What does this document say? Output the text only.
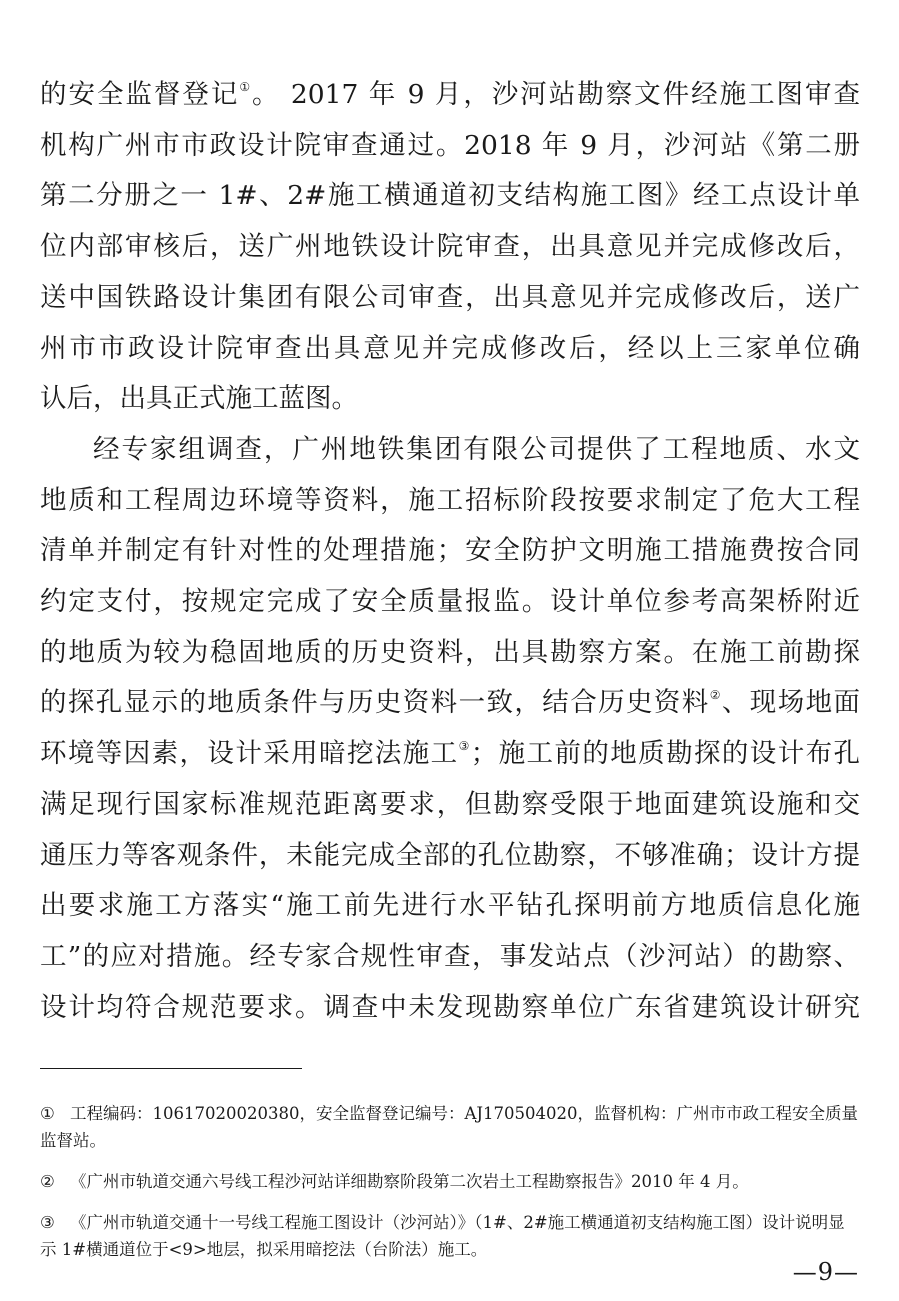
的安全监督登记①。 2017 年 9 月，沙河站勘察文件经施工图审查
机构广州市市政设计院审查通过。2018 年 9 月，沙河站《第二册
第二分册之一 1#、2#施工横通道初支结构施工图》经工点设计单
位内部审核后，送广州地铁设计院审查，出具意见并完成修改后，
送中国铁路设计集团有限公司审查，出具意见并完成修改后，送广
州市市政设计院审查出具意见并完成修改后，经以上三家单位确
认后，出具正式施工蓝图。

经专家组调查，广州地铁集团有限公司提供了工程地质、水文
地质和工程周边环境等资料，施工招标阶段按要求制定了危大工程
清单并制定有针对性的处理措施；安全防护文明施工措施费按合同
约定支付，按规定完成了安全质量报监。设计单位参考高架桥附近
的地质为较为稳固地质的历史资料，出具勘察方案。在施工前勘探
的探孔显示的地质条件与历史资料一致，结合历史资料②、现场地面
环境等因素，设计采用暗挖法施工③；施工前的地质勘探的设计布孔
满足现行国家标准规范距离要求，但勘察受限于地面建筑设施和交
通压力等客观条件，未能完成全部的孔位勘察，不够准确；设计方提
出要求施工方落实“施工前先进行水平钻孔探明前方地质信息化施
工”的应对措施。经专家合规性审查，事发站点（沙河站）的勘察、
设计均符合规范要求。调查中未发现勘察单位广东省建筑设计研究

① 工程编码：10617020020380，安全监督登记编号：AJ170504020，监督机构：广州市市政工程安全质量监督站。

② 《广州市轨道交通六号线工程沙河站详细勘察阶段第二次岩土工程勘察报告》2010 年 4 月。

③ 《广州市轨道交通十一号线工程施工图设计（沙河站）》（1#、2#施工横通道初支结构施工图）设计说明显示 1#横通道位于<9>地层，拟采用暗挖法（台阶法）施工。

—9—
